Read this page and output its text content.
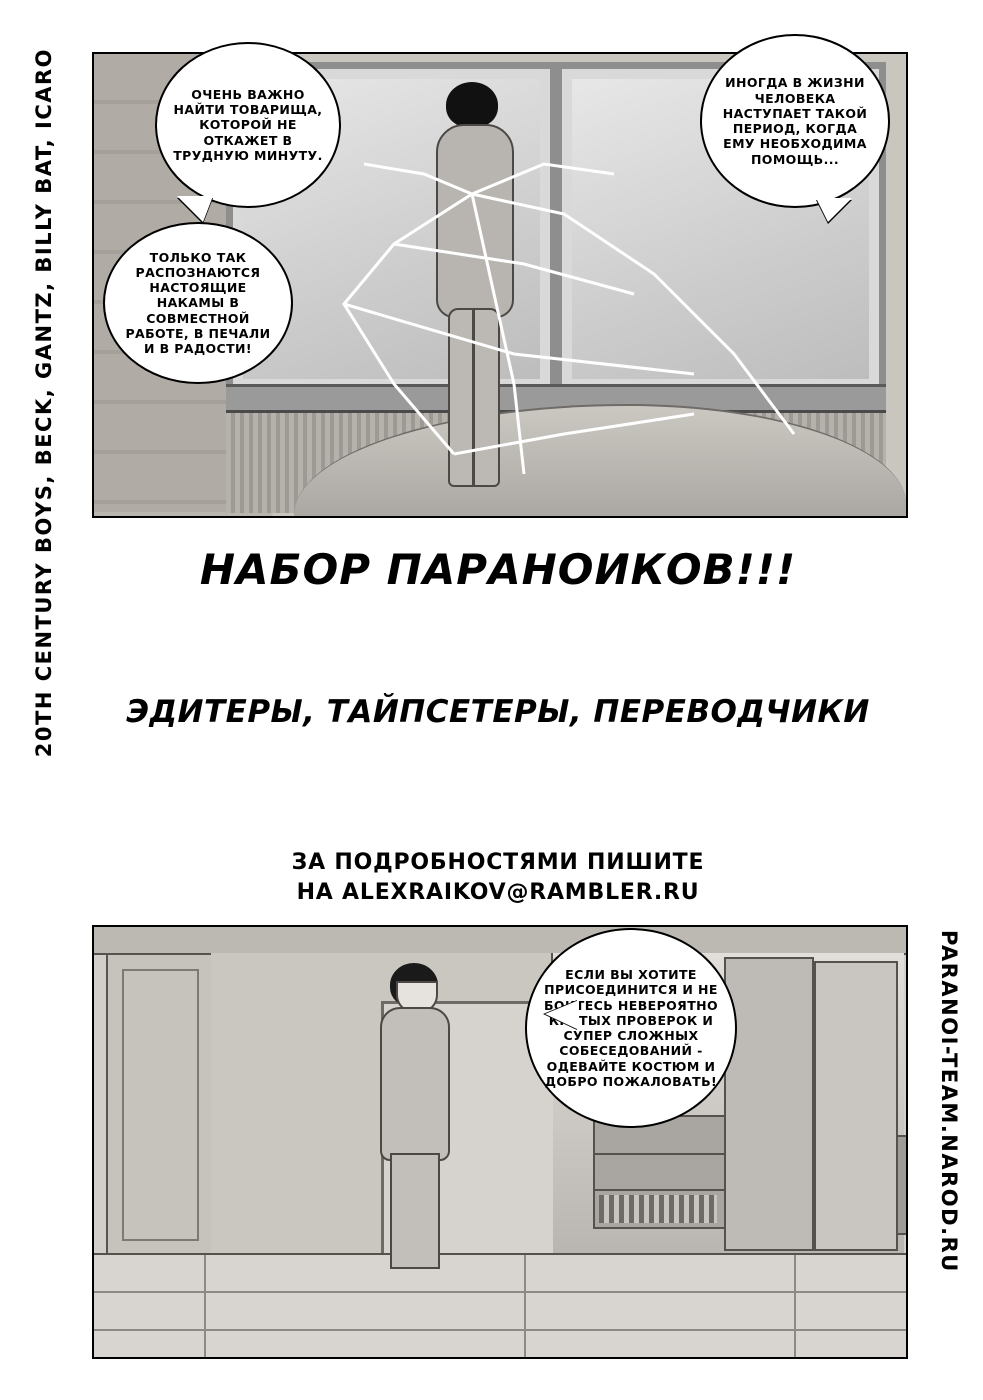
20TH CENTURY BOYS, BECK, GANTZ, BILLY BAT, ICARO
PARANOI-TEAM.NAROD.RU
ОЧЕНЬ ВАЖНО НАЙТИ ТОВАРИЩА, КОТОРОЙ НЕ ОТКАЖЕТ В ТРУДНУЮ МИНУТУ.
ТОЛЬКО ТАК РАСПОЗНАЮТСЯ НАСТОЯЩИЕ НАКАМЫ В СОВМЕСТНОЙ РАБОТЕ, В ПЕЧАЛИ И В РАДОСТИ!
ИНОГДА В ЖИЗНИ ЧЕЛОВЕКА НАСТУПАЕТ ТАКОЙ ПЕРИОД, КОГДА ЕМУ НЕОБХОДИМА ПОМОЩЬ...
НАБОР ПАРАНОИКОВ!!!
ЭДИТЕРЫ, ТАЙПСЕТЕРЫ, ПЕРЕВОДЧИКИ
ЗА ПОДРОБНОСТЯМИ ПИШИТЕ
НА ALEXRAIKOV@RAMBLER.RU
ЕСЛИ ВЫ ХОТИТЕ ПРИСОЕДИНИТСЯ И НЕ БОИТЕСЬ НЕВЕРОЯТНО КРУТЫХ ПРОВЕРОК И СУПЕР СЛОЖНЫХ СОБЕСЕДОВАНИЙ - ОДЕВАЙТЕ КОСТЮМ И ДОБРО ПОЖАЛОВАТЬ!
